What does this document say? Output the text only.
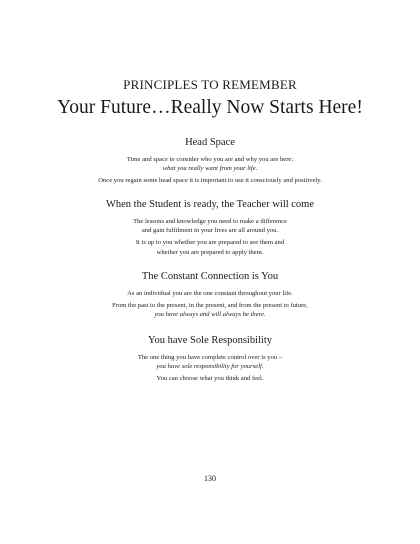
PRINCIPLES TO REMEMBER
Your Future…Really Now Starts Here!
Head Space

Time and space to consider who you are and why you are here:
what you really want from your life.

Once you regain some head space it is important to use it consciously and positively.

When the Student is ready, the Teacher will come

The lessons and knowledge you need to make a difference
and gain fulfilment in your lives are all around you.

It is up to you whether you are prepared to see them and
whether you are prepared to apply them.

The Constant Connection is You

As an individual you are the one constant throughout your life.

From the past to the present, in the present, and from the present to future,
you have always and will always be there.

You have Sole Responsibility

The one thing you have complete control over is you –
you have sole responsibility for yourself.

You can choose what you think and feel.

130
